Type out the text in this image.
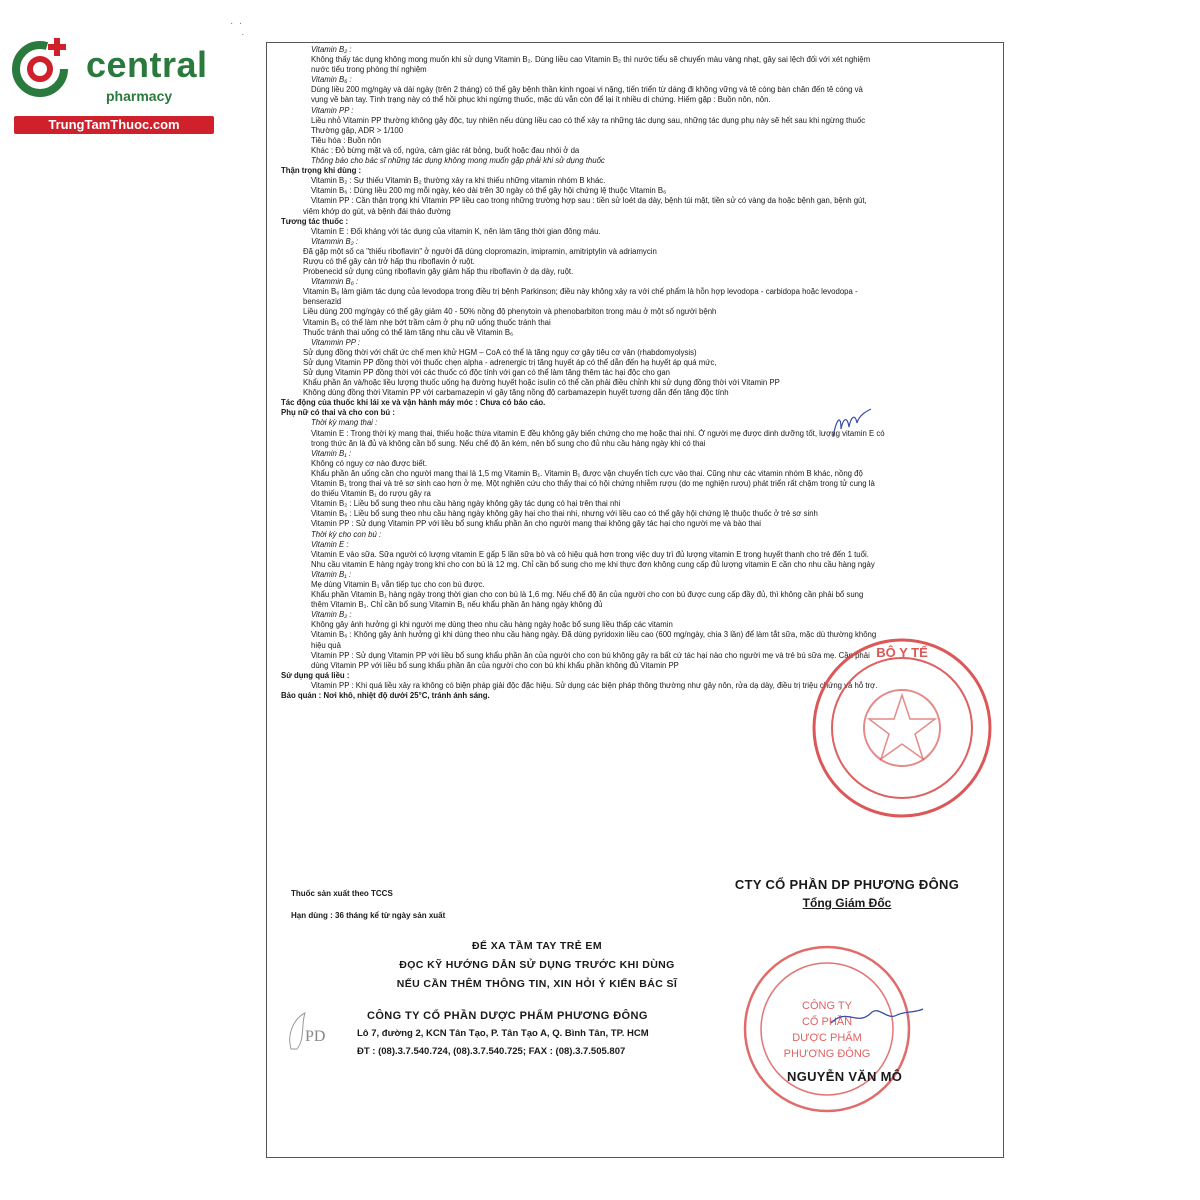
central
pharmacy
TrungTamThuoc.com
·  ·
·

Vitamin B₂ :

Không thấy tác dụng không mong muốn khi sử dụng Vitamin B₂. Dùng liều cao Vitamin B₂ thì nước tiểu sẽ chuyển màu vàng nhạt, gây sai lệch đối với xét nghiệm

nước tiểu trong phòng thí nghiệm

Vitamin B₆ :

Dùng liều 200 mg/ngày và dài ngày (trên 2 tháng) có thể gây bệnh thần kinh ngoại vi nặng, tiến triển từ dáng đi không vững và tê cóng bàn chân đến tê cóng và

vụng về bàn tay. Tình trạng này có thể hồi phục khi ngừng thuốc, mặc dù vẫn còn để lại ít nhiều di chứng. Hiếm gặp : Buồn nôn, nôn.

Vitamin PP :

Liều nhỏ Vitamin PP thường không gây độc, tuy nhiên nếu dùng liều cao có thể xảy ra những tác dụng sau, những tác dụng phụ này sẽ hết sau khi ngừng thuốc

Thường gặp, ADR > 1/100

Tiêu hóa : Buồn nôn

Khác : Đỏ bừng mặt và cổ, ngứa, cảm giác rát bỏng, buốt hoặc đau nhói ở da

Thông báo cho bác sĩ những tác dụng không mong muốn gặp phải khi sử dụng thuốc

Thận trọng khi dùng :

Vitamin B₂ : Sự thiếu Vitamin B₂ thường xảy ra khi thiếu những vitamin nhóm B khác.

Vitamin B₆ : Dùng liều 200 mg mỗi ngày, kéo dài trên 30 ngày có thể gây hội chứng lệ thuộc Vitamin B₆

Vitamin PP : Cần thận trọng khi Vitamin PP liều cao trong những trường hợp sau : tiền sử loét dạ dày, bệnh túi mật, tiền sử có vàng da hoặc bệnh gan, bệnh gút,

viêm khớp do gút, và bệnh đái tháo đường

Tương tác thuốc :

Vitamin E : Đối kháng với tác dụng của vitamin K, nên làm tăng thời gian đông máu.

Vitammin B₂ :

Đã gặp một số ca "thiếu riboflavin" ở người đã dùng clopromazin, imipramin, amitriptylin và adriamycin

Rượu có thể gây cản trở hấp thu riboflavin ở ruột.

Probenecid sử dụng cùng riboflavin gây giảm hấp thu riboflavin ở dạ dày, ruột.

Vitammin B₆ :

Vitamin B₆ làm giảm tác dụng của levodopa trong điều trị bệnh Parkinson; điều này không xảy ra với chế phẩm là hỗn hợp levodopa - carbidopa hoặc levodopa -

benserazid

Liều dùng 200 mg/ngày có thể gây giảm 40 - 50% nồng độ phenytoin và phenobarbiton trong máu ở một số người bệnh

Vitamin B₆ có thể làm nhẹ bớt trầm cảm ở phụ nữ uống thuốc tránh thai

Thuốc tránh thai uống có thể làm tăng nhu cầu về Vitamin B₆

Vitammin PP :

Sử dụng đồng thời với chất ức chế men khử HGM – CoA có thể là tăng nguy cơ gây tiêu cơ vân (rhabdomyolysis)

Sử dụng Vitamin PP đồng thời với thuốc chẹn alpha - adrenergic trị tăng huyết áp có thể dẫn đến hạ huyết áp quá mức,

Sử dụng Vitamin PP đồng thời với các thuốc có độc tính với gan có thể làm tăng thêm tác hại độc cho gan

Khẩu phần ăn và/hoặc liều lượng thuốc uống hạ đường huyết hoặc isulin có thể cần phải điều chỉnh khi sử dụng đồng thời với Vitamin PP

Không dùng đồng thời Vitamin PP với carbamazepin vì gây tăng nồng độ carbamazepin huyết tương dẫn đến tăng độc tính

Tác động của thuốc khi lái xe và vận hành máy móc : Chưa có báo cáo.

Phụ nữ có thai và cho con bú :

Thời kỳ mang thai :

Vitamin E : Trong thời kỳ mang thai, thiếu hoặc thừa vitamin E đều không gây biến chứng cho mẹ hoặc thai nhi. Ở người mẹ được dinh dưỡng tốt, lượng vitamin E có

trong thức ăn là đủ và không cần bổ sung. Nếu chế độ ăn kém, nên bổ sung cho đủ nhu cầu hàng ngày khi có thai

Vitamin B₁ :

Không có nguy cơ nào được biết.

Khẩu phần ăn uống cần cho người mang thai là 1,5 mg Vitamin B₁. Vitamin B₁ được vận chuyển tích cực vào thai. Cũng như các vitamin nhóm B khác, nồng độ

Vitamin B₁ trong thai và trẻ sơ sinh cao hơn ở mẹ. Một nghiên cứu cho thấy thai có hội chứng nhiễm rượu (do mẹ nghiện rượu) phát triển rất chậm trong tử cung là

do thiếu Vitamin B₁ do rượu gây ra

Vitamin B₂ : Liều bổ sung theo nhu cầu hàng ngày không gây tác dụng có hại trên thai nhi

Vitamin B₆ : Liều bổ sung theo nhu cầu hàng ngày không gây hại cho thai nhi, nhưng với liều cao có thể gây hội chứng lệ thuộc thuốc ở trẻ sơ sinh

Vitamin PP : Sử dụng Vitamin PP với liều bổ sung khẩu phần ăn cho người mang thai không gây tác hại cho người mẹ và bào thai

Thời kỳ cho con bú :

Vitamin E :

Vitamin E vào sữa. Sữa người có lượng vitamin E gấp 5 lần sữa bò và có hiệu quả hơn trong việc duy trì đủ lượng vitamin E trong huyết thanh cho trẻ đến 1 tuổi.

Nhu cầu vitamin E hàng ngày trong khi cho con bú là 12 mg. Chỉ cần bổ sung cho mẹ khi thực đơn không cung cấp đủ lượng vitamin E cần cho nhu cầu hàng ngày

Vitamin B₁ :

Mẹ dùng Vitamin B₁ vẫn tiếp tục cho con bú được.

Khẩu phần Vitamin B₁ hàng ngày trong thời gian cho con bú là 1,6 mg. Nếu chế độ ăn của người cho con bú được cung cấp đầy đủ, thì không cần phải bổ sung

thêm Vitamin B₁. Chỉ cần bổ sung Vitamin B₁ nếu khẩu phần ăn hàng ngày không đủ

Vitamin B₂ :

Không gây ảnh hưởng gì khi người mẹ dùng theo nhu cầu hàng ngày hoặc bổ sung liều thấp các vitamin

Vitamin B₆ : Không gây ảnh hưởng gì khi dùng theo nhu cầu hàng ngày. Đã dùng pyridoxin liều cao (600 mg/ngày, chia 3 lần) để làm tắt sữa, mặc dù thường không

hiệu quả

Vitamin PP : Sử dụng Vitamin PP với liều bổ sung khẩu phần ăn của người cho con bú không gây ra bất cứ tác hại nào cho người mẹ và trẻ bú sữa mẹ. Cần phải

dùng Vitamin PP với liều bổ sung khẩu phần ăn của người cho con bú khi khẩu phần không đủ Vitamin PP

Sử dụng quá liều :

Vitamin PP : Khi quá liều xảy ra không có biện pháp giải độc đặc hiệu. Sử dụng các biện pháp thông thường như gây nôn, rửa dạ dày, điều trị triệu chứng và hỗ trợ.

Bảo quản : Nơi khô, nhiệt độ dưới 25°C, tránh ánh sáng.

BỘ Y TẾ
Thuốc sản xuất theo TCCS
Hạn dùng : 36 tháng kể từ ngày sản xuất
CTY CỔ PHẦN DP PHƯƠNG ĐÔNG
Tổng Giám Đốc
ĐỂ XA TẦM TAY TRẺ EM
ĐỌC KỸ HƯỚNG DẪN SỬ DỤNG TRƯỚC KHI DÙNG
NẾU CẦN THÊM THÔNG TIN, XIN HỎI Ý KIẾN BÁC SĨ
PD
CÔNG TY CỔ PHẦN DƯỢC PHẨM PHƯƠNG ĐÔNG
Lô 7, đường 2, KCN Tân Tạo, P. Tân Tạo A, Q. Bình Tân, TP. HCM
ĐT : (08).3.7.540.724, (08).3.7.540.725; FAX : (08).3.7.505.807
CÔNG TY
CỔ PHẦN
DƯỢC PHẨM
PHƯƠNG ĐÔNG
NGUYỄN VĂN MÔ
